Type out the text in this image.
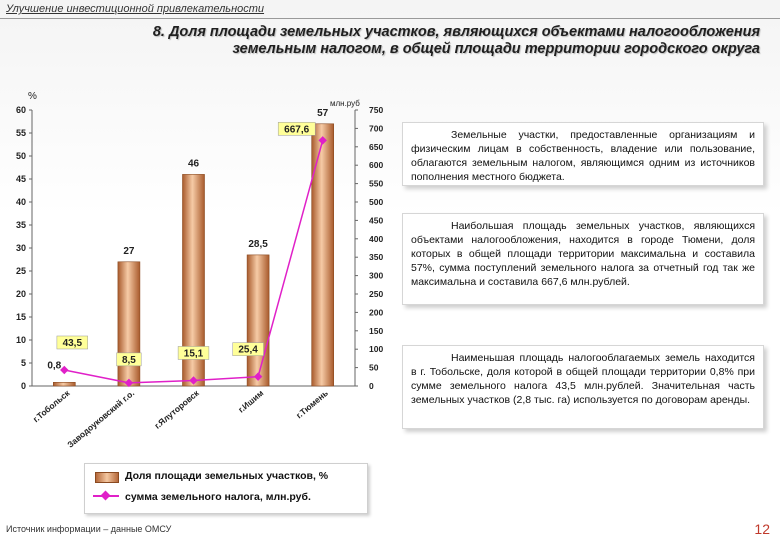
Улучшение инвестиционной привлекательности
8. Доля площади земельных участков, являющихся объектами налогообложения
земельным налогом, в общей площади территории городского округа
%
млн.руб
0
5
10
15
20
25
30
35
40
45
50
55
60
0
50
100
150
200
250
300
350
400
450
500
550
600
650
700
750
0,8
27
46
28,5
57
43,5
8,5
15,1	25,4
667,6
г.Тобольск
Заводоуковский г.о. г.Ялуторовск	г.Ишим	г.Тюмень
Земельные участки, предоставленные организациям и физическим лицам в собственность, владение или пользование, облагаются земельным налогом, являющимся одним из источников пополнения местного бюджета.
Наибольшая площадь земельных участков, являющихся объектами налогообложения, находится в городе Тюмени, доля которых в общей площади территории максимальна и составила 57%, сумма поступлений земельного налога за отчетный год так же максимальна и составила 667,6 млн.рублей.
Наименьшая площадь налогооблагаемых земель находится в г. Тобольске, доля которой в общей площади территории 0,8% при сумме земельного налога 43,5 млн.рублей. Значительная часть земельных участков (2,8 тыс. га) используется по договорам аренды.
Доля площади земельных участков, %
сумма земельного налога, млн.руб.
Источник информации – данные ОМСУ	12
